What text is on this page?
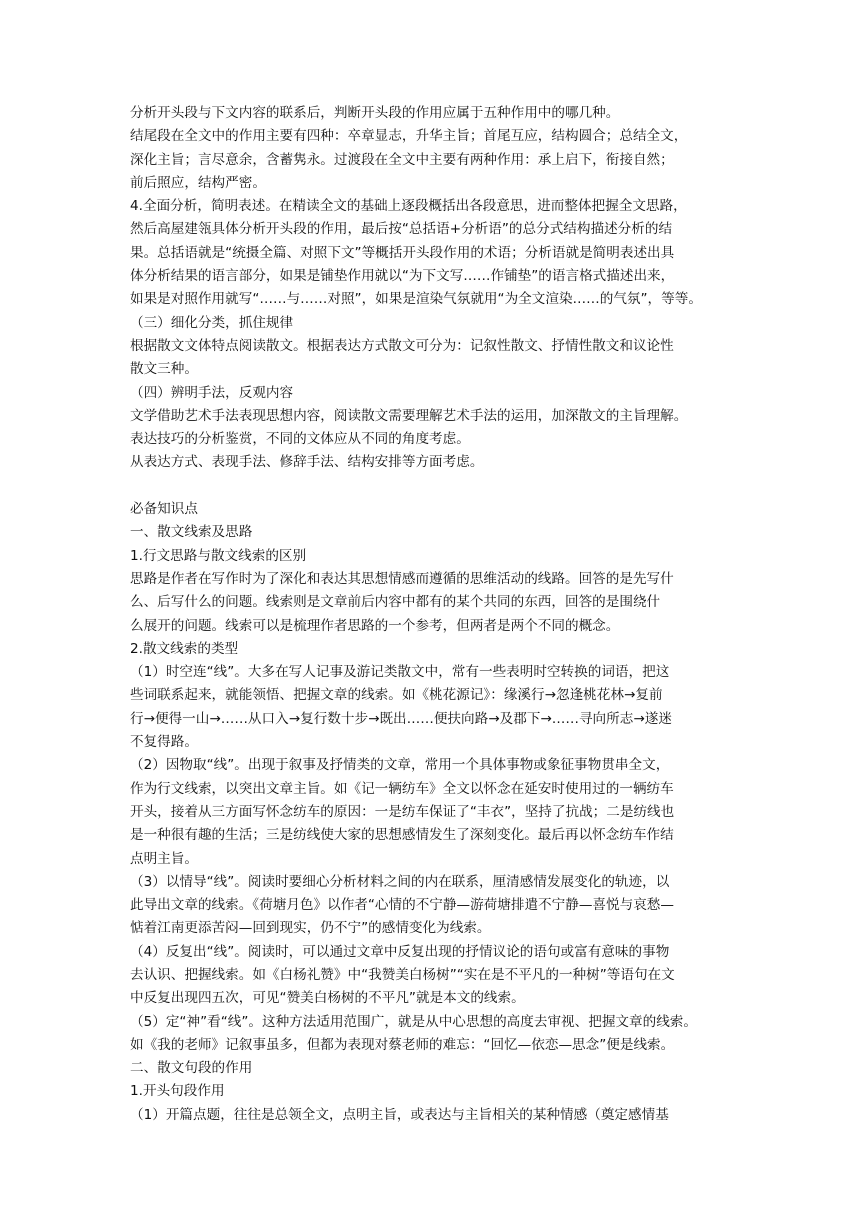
分析开头段与下文内容的联系后，判断开头段的作用应属于五种作用中的哪几种。
结尾段在全文中的作用主要有四种：卒章显志，升华主旨；首尾互应，结构圆合；总结全文，
深化主旨；言尽意余，含蓄隽永。过渡段在全文中主要有两种作用：承上启下，衔接自然；
前后照应，结构严密。
4.全面分析，简明表述。在精读全文的基础上逐段概括出各段意思，进而整体把握全文思路，
然后高屋建瓴具体分析开头段的作用，最后按“总括语+分析语”的总分式结构描述分析的结
果。总括语就是“统摄全篇、对照下文”等概括开头段作用的术语；分析语就是简明表述出具
体分析结果的语言部分，如果是铺垫作用就以“为下文写……作铺垫”的语言格式描述出来，
如果是对照作用就写“……与……对照”，如果是渲染气氛就用“为全文渲染……的气氛”，等等。
（三）细化分类，抓住规律
根据散文文体特点阅读散文。根据表达方式散文可分为：记叙性散文、抒情性散文和议论性
散文三种。
（四）辨明手法，反观内容
文学借助艺术手法表现思想内容，阅读散文需要理解艺术手法的运用，加深散文的主旨理解。
表达技巧的分析鉴赏，不同的文体应从不同的角度考虑。
从表达方式、表现手法、修辞手法、结构安排等方面考虑。
必备知识点
一、散文线索及思路
1.行文思路与散文线索的区别
思路是作者在写作时为了深化和表达其思想情感而遵循的思维活动的线路。回答的是先写什
么、后写什么的问题。线索则是文章前后内容中都有的某个共同的东西，回答的是围绕什
么展开的问题。线索可以是梳理作者思路的一个参考，但两者是两个不同的概念。
2.散文线索的类型
（1）时空连“线”。大多在写人记事及游记类散文中，常有一些表明时空转换的词语，把这
些词联系起来，就能领悟、把握文章的线索。如《桃花源记》：缘溪行→忽逢桃花林→复前
行→便得一山→……从口入→复行数十步→既出……便扶向路→及郡下→……寻向所志→遂迷
不复得路。
（2）因物取“线”。出现于叙事及抒情类的文章，常用一个具体事物或象征事物贯串全文，
作为行文线索，以突出文章主旨。如《记一辆纺车》全文以怀念在延安时使用过的一辆纺车
开头，接着从三方面写怀念纺车的原因：一是纺车保证了“丰衣”，坚持了抗战；二是纺线也
是一种很有趣的生活；三是纺线使大家的思想感情发生了深刻变化。最后再以怀念纺车作结
点明主旨。
（3）以情导“线”。阅读时要细心分析材料之间的内在联系，厘清感情发展变化的轨迹，以
此导出文章的线索。《荷塘月色》以作者“心情的不宁静—游荷塘排遣不宁静—喜悦与哀愁—
惦着江南更添苦闷—回到现实，仍不宁”的感情变化为线索。
（4）反复出“线”。阅读时，可以通过文章中反复出现的抒情议论的语句或富有意味的事物
去认识、把握线索。如《白杨礼赞》中“我赞美白杨树”“实在是不平凡的一种树”等语句在文
中反复出现四五次，可见“赞美白杨树的不平凡”就是本文的线索。
（5）定“神”看“线”。这种方法适用范围广，就是从中心思想的高度去审视、把握文章的线索。
如《我的老师》记叙事虽多，但都为表现对蔡老师的难忘：“回忆—依恋—思念”便是线索。
二、散文句段的作用
1.开头句段作用
（1）开篇点题，往往是总领全文，点明主旨，或表达与主旨相关的某种情感（奠定感情基
